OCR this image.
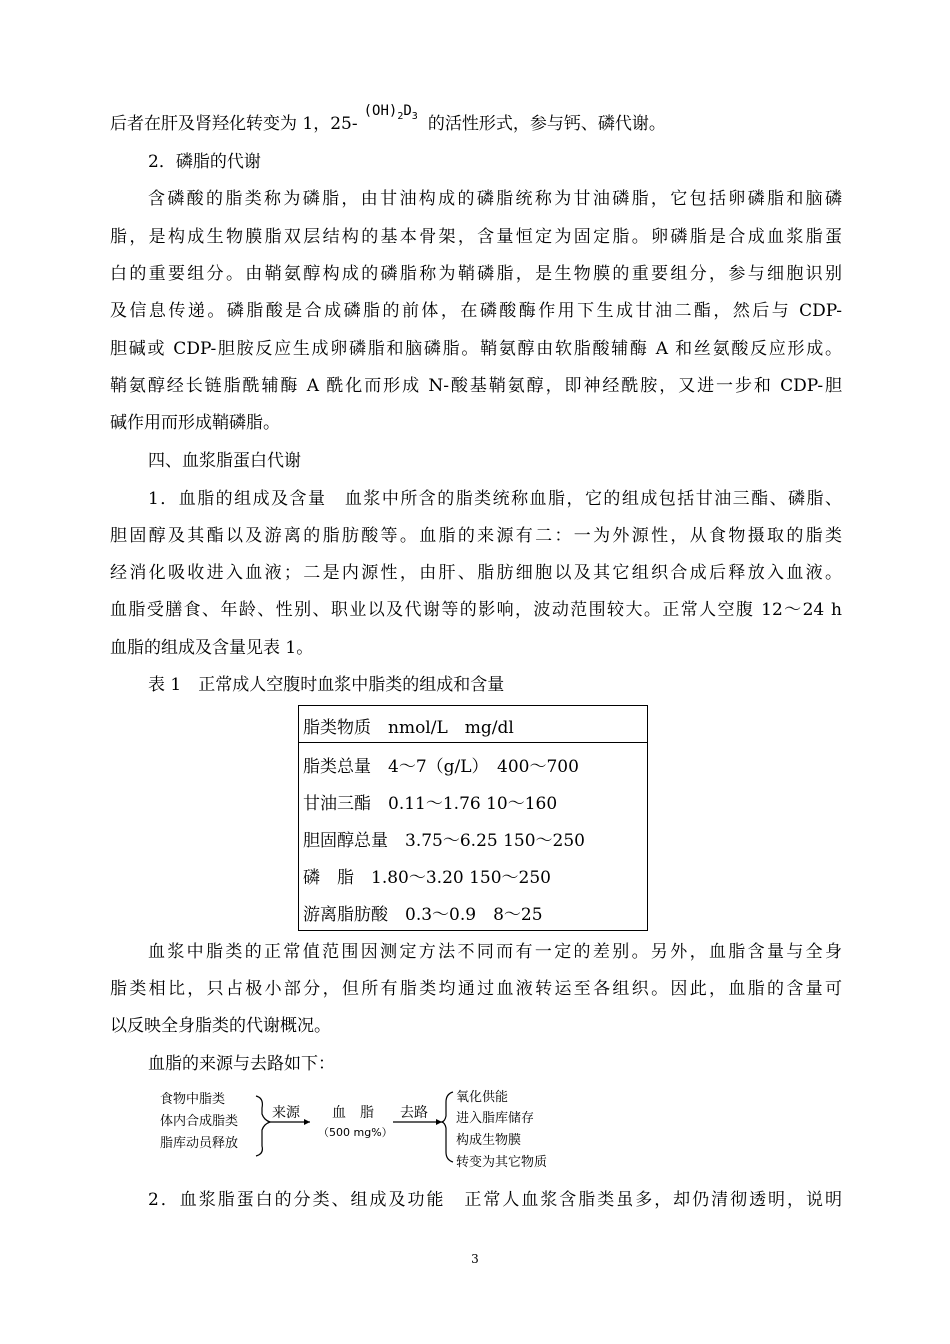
后者在肝及肾羟化转变为 1，$25-(OH)_2D_3$ 的活性形式，参与钙、磷代谢。
2．磷脂的代谢
含磷酸的脂类称为磷脂，由甘油构成的磷脂统称为甘油磷脂，它包括卵磷脂和脑磷
脂，是构成生物膜脂双层结构的基本骨架，含量恒定为固定脂。卵磷脂是合成血浆脂蛋
白的重要组分。由鞘氨醇构成的磷脂称为鞘磷脂，是生物膜的重要组分，参与细胞识别
及信息传递。磷脂酸是合成磷脂的前体，在磷酸酶作用下生成甘油二酯，然后与 CDP-
胆碱或 CDP-胆胺反应生成卵磷脂和脑磷脂。鞘氨醇由软脂酸辅酶 A 和丝氨酸反应形成。
鞘氨醇经长链脂酰辅酶 A 酰化而形成 N-酸基鞘氨醇，即神经酰胺，又进一步和 CDP-胆
碱作用而形成鞘磷脂。
四、血浆脂蛋白代谢
1．血脂的组成及含量　血浆中所含的脂类统称血脂，它的组成包括甘油三酯、磷脂、
胆固醇及其酯以及游离的脂肪酸等。血脂的来源有二：一为外源性，从食物摄取的脂类
经消化吸收进入血液；二是内源性，由肝、脂肪细胞以及其它组织合成后释放入血液。
血脂受膳食、年龄、性别、职业以及代谢等的影响，波动范围较大。正常人空腹 12～24 h
血脂的组成及含量见表 1。
表 1　正常成人空腹时血浆中脂类的组成和含量
脂类物质　nmol/L　mg/dl
脂类总量　4～7（g/L）　400～700
甘油三酯　0.11～1.76 10～160
胆固醇总量　3.75～6.25 150～250
磷　脂　1.80～3.20 150～250
游离脂肪酸　0.3～0.9　8～25
血浆中脂类的正常值范围因测定方法不同而有一定的差别。另外，血脂含量与全身
脂类相比，只占极小部分，但所有脂类均通过血液转运至各组织。因此，血脂的含量可
以反映全身脂类的代谢概况。
血脂的来源与去路如下：
食物中脂类
体内合成脂类
脂库动员释放
来源 血　脂
（500 mg%）
去路
氧化供能
进入脂库储存
构成生物膜
转变为其它物质
2．血浆脂蛋白的分类、组成及功能　正常人血浆含脂类虽多，却仍清彻透明，说明
3
